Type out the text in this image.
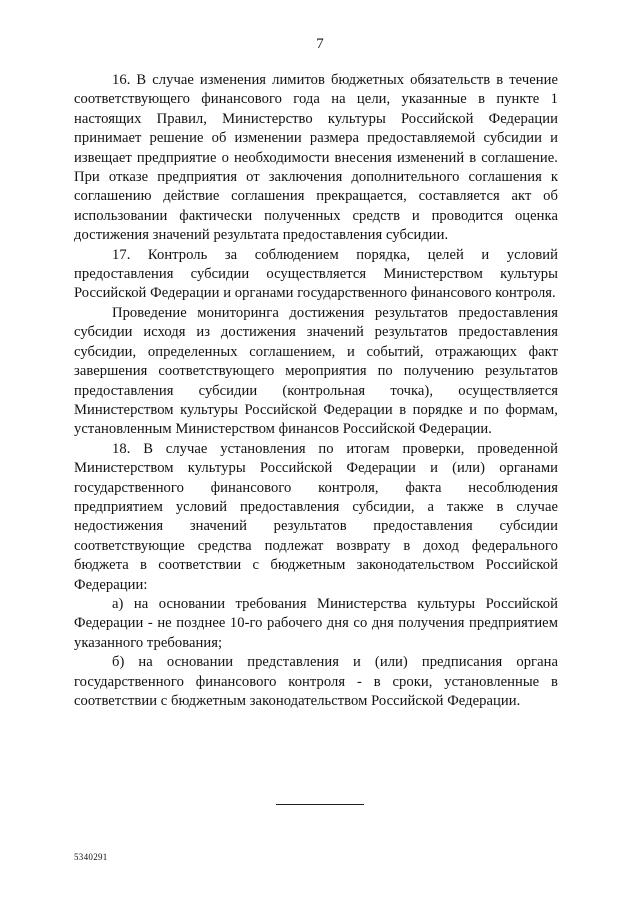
7

16. В случае изменения лимитов бюджетных обязательств в течение соответствующего финансового года на цели, указанные в пункте 1 настоящих Правил, Министерство культуры Российской Федерации принимает решение об изменении размера предоставляемой субсидии и извещает предприятие о необходимости внесения изменений в соглашение. При отказе предприятия от заключения дополнительного соглашения к соглашению действие соглашения прекращается, составляется акт об использовании фактически полученных средств и проводится оценка достижения значений результата предоставления субсидии.

17. Контроль за соблюдением порядка, целей и условий предоставления субсидии осуществляется Министерством культуры Российской Федерации и органами государственного финансового контроля.

Проведение мониторинга достижения результатов предоставления субсидии исходя из достижения значений результатов предоставления субсидии, определенных соглашением, и событий, отражающих факт завершения соответствующего мероприятия по получению результатов предоставления субсидии (контрольная точка), осуществляется Министерством культуры Российской Федерации в порядке и по формам, установленным Министерством финансов Российской Федерации.

18. В случае установления по итогам проверки, проведенной Министерством культуры Российской Федерации и (или) органами государственного финансового контроля, факта несоблюдения предприятием условий предоставления субсидии, а также в случае недостижения значений результатов предоставления субсидии соответствующие средства подлежат возврату в доход федерального бюджета в соответствии с бюджетным законодательством Российской Федерации:

а) на основании требования Министерства культуры Российской Федерации - не позднее 10-го рабочего дня со дня получения предприятием указанного требования;

б) на основании представления и (или) предписания органа государственного финансового контроля - в сроки, установленные в соответствии с бюджетным законодательством Российской Федерации.

5340291
